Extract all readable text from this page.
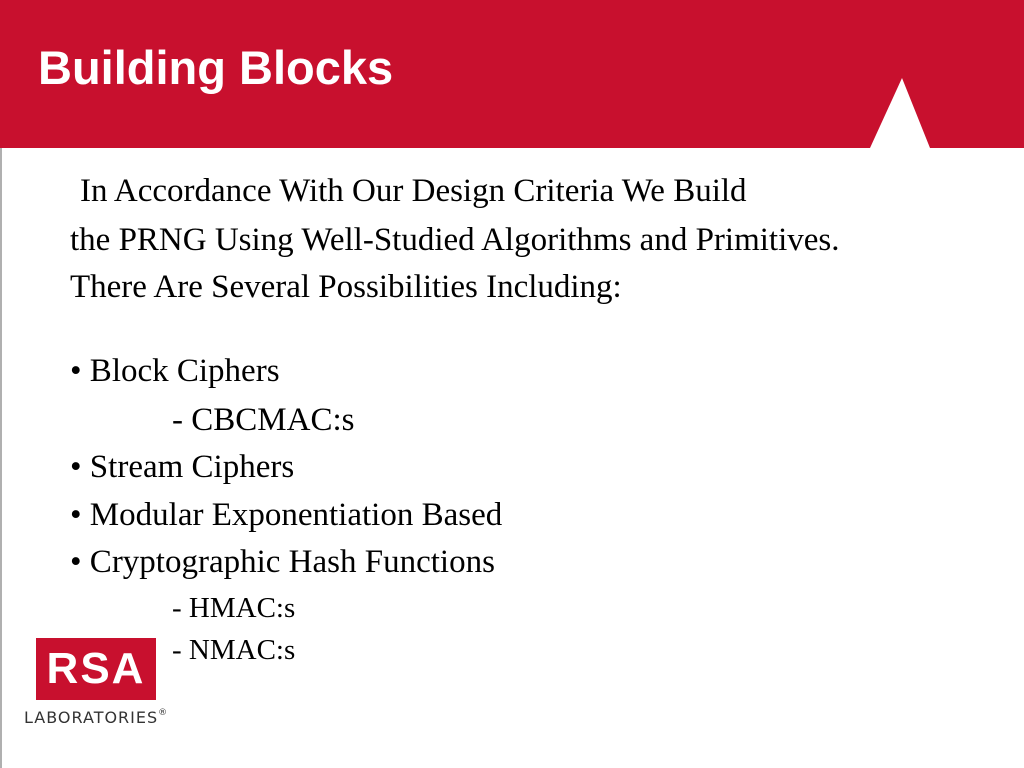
Building Blocks
In Accordance With Our Design Criteria We Build
the PRNG Using Well-Studied Algorithms and Primitives.
There Are Several Possibilities Including:
• Block Ciphers
- CBCMAC:s
• Stream Ciphers
• Modular Exponentiation Based
• Cryptographic Hash Functions
- HMAC:s
- NMAC:s
RSA
LABORATORIES®
